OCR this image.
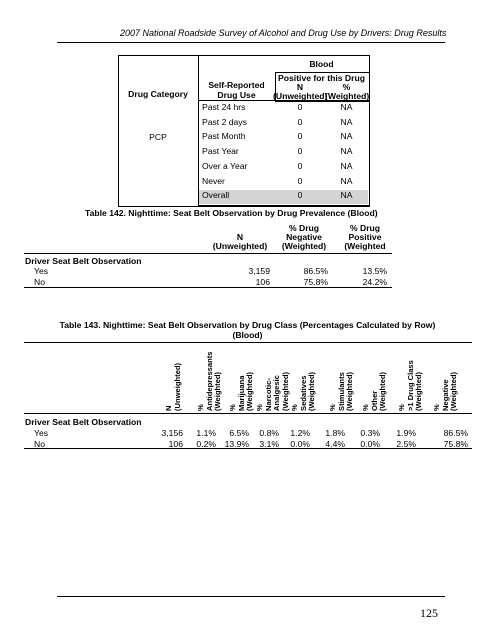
2007 National Roadside Survey of Alcohol and Drug Use by Drivers: Drug Results
Drug Category
Self-Reported
Drug Use
Blood
Positive for this Drug
N
(Unweighted)
%
(Weighted)
PCP
Past 24 hrs	0	NA
Past 2 days	0	NA
Past Month	0	NA
Past Year	0	NA
Over a Year	0	NA
Never	0	NA
Overall	0	NA
Table 142. Nighttime: Seat Belt Observation by Drug Prevalence (Blood)
N
(Unweighted)
% Drug
Negative
(Weighted)
% Drug
Positive
(Weighted
Driver Seat Belt Observation
Yes	3,159	86.5%	13.5%
No	106	75.8%	24.2%
Table 143. Nighttime: Seat Belt Observation by Drug Class (Percentages Calculated by Row)
(Blood)
N (Unweighted) % Antidepressants (Weighted) % Marijuana (Weighted) % Narcotic- Analgesic (Weighted) % Sedatives (Weighted) % Stimulants (Weighted) % Other (Weighted) % >1 Drug Class (Weighted) % Negative (Weighted)
Driver Seat Belt Observation
Yes	3,156	1.1%	6.5%	0.8%	1.2%	1.8%	0.3%	1.9%	86.5%
No	106	0.2%	13.9%	3.1%	0.0%	4.4%	0.0%	2.5%	75.8%
125
